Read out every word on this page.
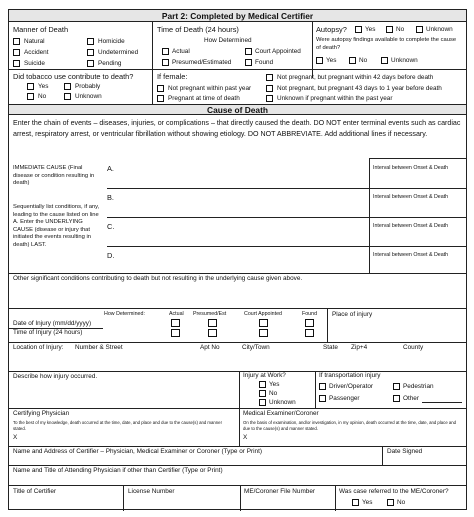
Part 2: Completed by Medical Certifier
Manner of Death
Natural
Accident
Suicide
Homicide
Undetermined
Pending
Time of Death (24 hours)
How Determined
Actual
Presumed/Estimated
Court Appointed
Found
Autopsy?	Yes	No	Unknown
Were autopsy findings available to complete the cause of death?
Yes	No	Unknown
Did tobacco use contribute to death?
Yes
No
Probably
Unknown
If female:
Not pregnant within past year
Pregnant at time of death
Not pregnant, but pregnant within 42 days before death
Not pregnant, but pregnant 43 days to 1 year before death
Unknown if pregnant within the past year
Cause of Death
Enter the chain of events – diseases, injuries, or complications – that directly caused the death. DO NOT enter terminal events such as cardiac arrest, respiratory arrest, or ventricular fibrillation without showing etiology. DO NOT ABBREVIATE. Add additional lines if necessary.
IMMEDIATE CAUSE (Final disease or condition resulting in death)
Sequentially list conditions, if any, leading to the cause listed on line A. Enter the UNDERLYING CAUSE (disease or injury that initiated the events resulting in death) LAST.
A.
B.
C.
D.
Interval between Onset & Death
Interval between Onset & Death
Interval between Onset & Death
Interval between Onset & Death
Other significant conditions contributing to death but not resulting in the underlying cause given above.
How Determined:	Actual Presumed/Est	Court Appointed	Found
Date of Injury (mm/dd/yyyy)
Time of Injury (24 hours)
Place of injury
Location of Injury: Number & Street	Apt No	City/Town	State Zip+4	County
Describe how injury occurred.	Injury at Work?
Yes
No
Unknown
If transportation injury
Driver/Operator
Passenger
Pedestrian
Other
Certifying Physician
To the best of my knowledge, death occurred at the time, date, and place and due to the cause(s) and manner stated.
X
Medical Examiner/Coroner
On the basis of examination, and/or investigation, in my opinion, death occurred at the time, date, and place and due to the cause(s) and manner stated.
X
Name and Address of Certifier – Physician, Medical Examiner or Coroner (Type or Print)	Date Signed
Name and Title of Attending Physician if other than Certifier (Type or Print)
Title of Certifier	License Number	ME/Coroner File Number	Was case referred to the ME/Coroner?
Yes	No
